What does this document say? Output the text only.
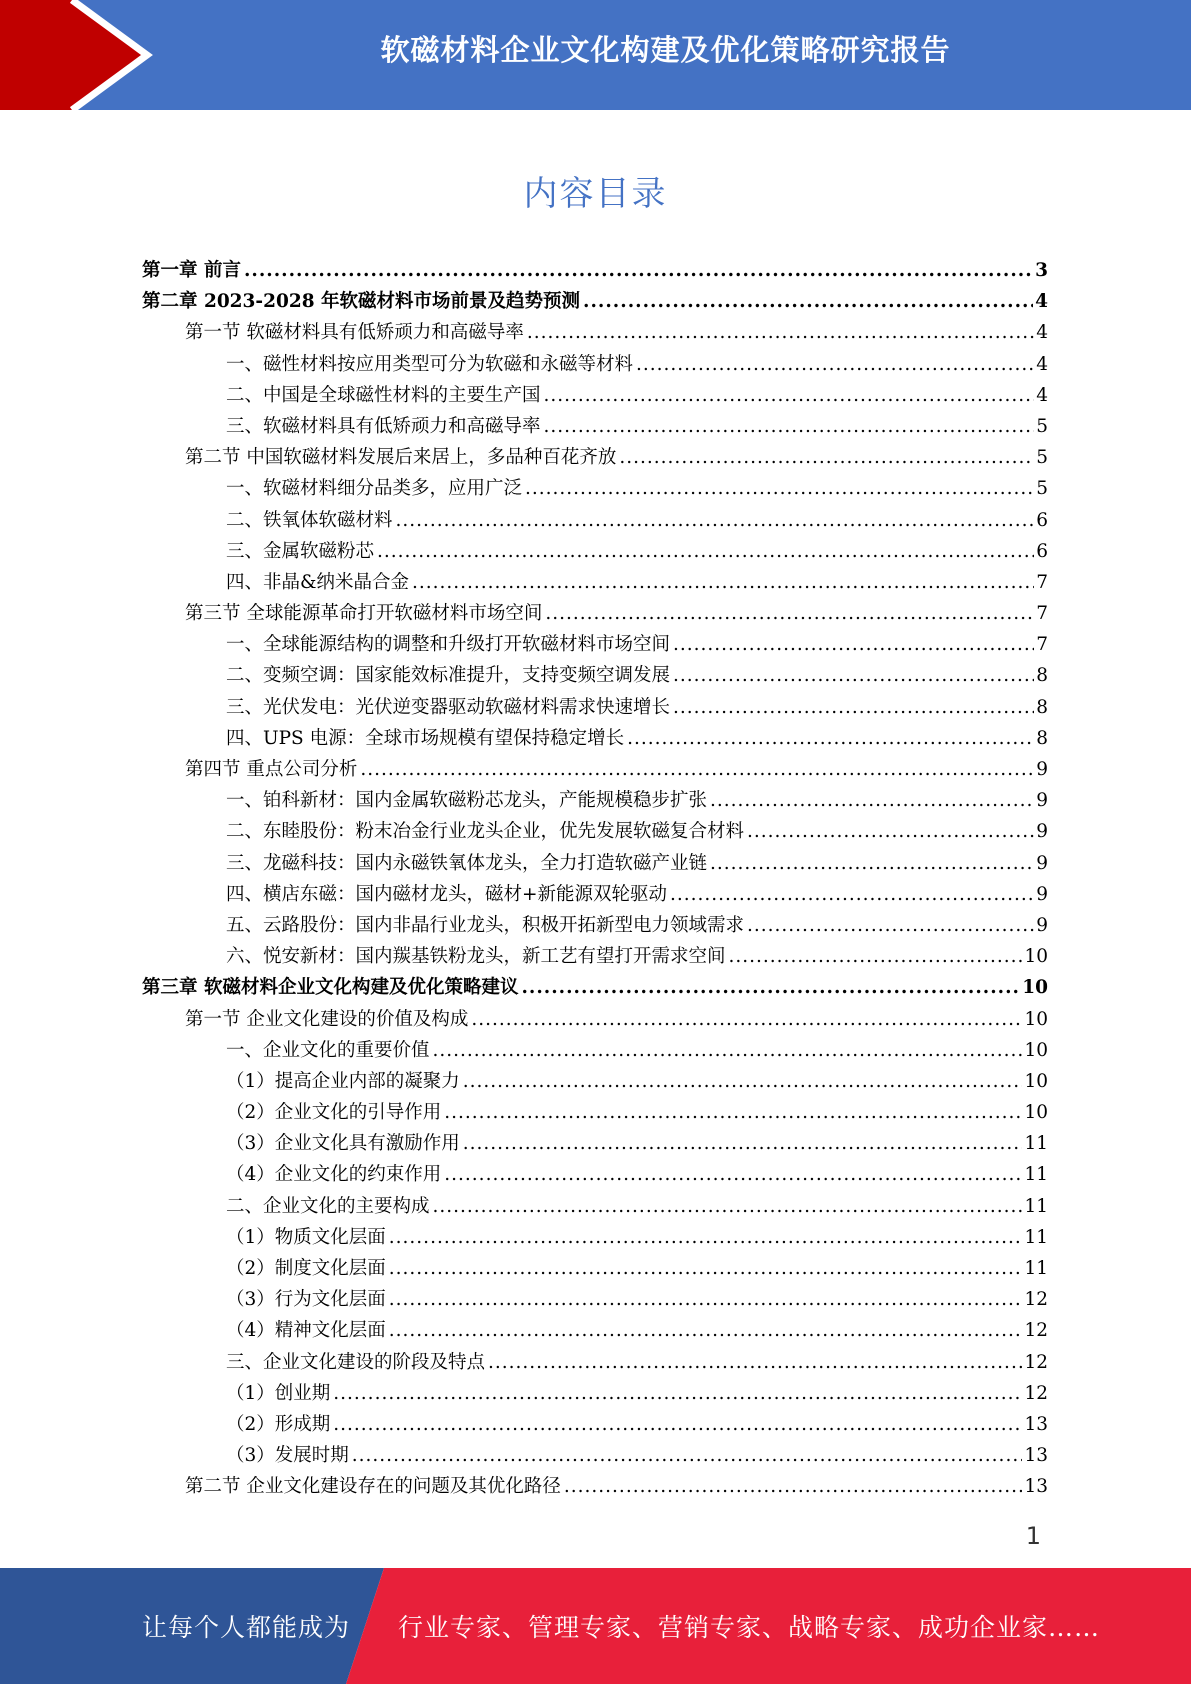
软磁材料企业文化构建及优化策略研究报告
内容目录
第一章 前言 .....	3
第二章 2023-2028 年软磁材料市场前景及趋势预测 .....	4
第一节 软磁材料具有低矫顽力和高磁导率 .....	4
一、磁性材料按应用类型可分为软磁和永磁等材料 .....	4
二、中国是全球磁性材料的主要生产国 .....	4
三、软磁材料具有低矫顽力和高磁导率 .....	5
第二节 中国软磁材料发展后来居上，多品种百花齐放 .....	5
一、软磁材料细分品类多，应用广泛 .....	5
二、铁氧体软磁材料 .....	6
三、金属软磁粉芯 .....	6
四、非晶&纳米晶合金 .....	7
第三节 全球能源革命打开软磁材料市场空间 .....	7
一、全球能源结构的调整和升级打开软磁材料市场空间 .....	7
二、变频空调：国家能效标准提升，支持变频空调发展 .....	8
三、光伏发电：光伏逆变器驱动软磁材料需求快速增长 .....	8
四、UPS 电源：全球市场规模有望保持稳定增长 .....	8
第四节 重点公司分析 .....	9
一、铂科新材：国内金属软磁粉芯龙头，产能规模稳步扩张 .....	9
二、东睦股份：粉末冶金行业龙头企业，优先发展软磁复合材料 .....	9
三、龙磁科技：国内永磁铁氧体龙头，全力打造软磁产业链 .....	9
四、横店东磁：国内磁材龙头，磁材+新能源双轮驱动 .....	9
五、云路股份：国内非晶行业龙头，积极开拓新型电力领域需求 .....	9
六、悦安新材：国内羰基铁粉龙头，新工艺有望打开需求空间 .....	10
第三章 软磁材料企业文化构建及优化策略建议 .....	10
第一节 企业文化建设的价值及构成 .....	10
一、企业文化的重要价值 .....	10
（1）提高企业内部的凝聚力 .....	10
（2）企业文化的引导作用 .....	10
（3）企业文化具有激励作用 .....	11
（4）企业文化的约束作用 .....	11
二、企业文化的主要构成 .....	11
（1）物质文化层面 .....	11
（2）制度文化层面 .....	11
（3）行为文化层面 .....	12
（4）精神文化层面 .....	12
三、企业文化建设的阶段及特点 .....	12
（1）创业期 .....	12
（2）形成期 .....	13
（3）发展时期 .....	13
第二节 企业文化建设存在的问题及其优化路径 .....	13
1
让每个人都能成为 行业专家、管理专家、营销专家、战略专家、成功企业家……
